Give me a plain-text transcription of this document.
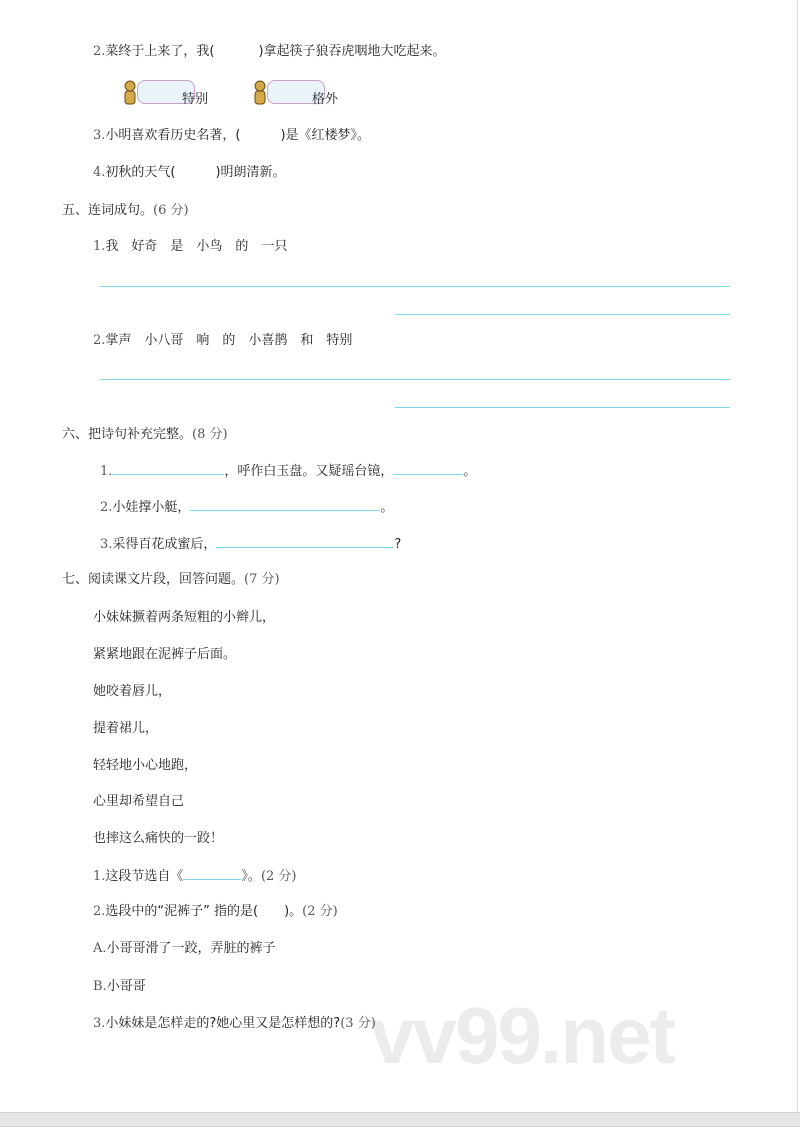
vv99.net
2.菜终于上来了，我(	)拿起筷子狼吞虎咽地大吃起来。
特别	格外
3.小明喜欢看历史名著，(	)是《红楼梦》。
4.初秋的天气(	)明朗清新。
五、连词成句。(6 分)
1.我　好奇　是　小鸟　的　一只
2.掌声　小八哥　响　的　小喜鹊　和　特别
六、把诗句补充完整。(8 分)
1.	，呼作白玉盘。又疑瑶台镜，	。
2.小娃撑小艇，	。
3.采得百花成蜜后，	?
七、阅读课文片段，回答问题。(7 分)
小妹妹撅着两条短粗的小辫儿，
紧紧地跟在泥裤子后面。
她咬着唇儿，
提着裙儿，
轻轻地小心地跑，
心里却希望自己
也摔这么痛快的一跤！
1.这段节选自《	》。(2 分)
2.选段中的“泥裤子” 指的是(　　)。(2 分)
A.小哥哥滑了一跤，弄脏的裤子
B.小哥哥
3.小妹妹是怎样走的?她心里又是怎样想的?(3 分)
